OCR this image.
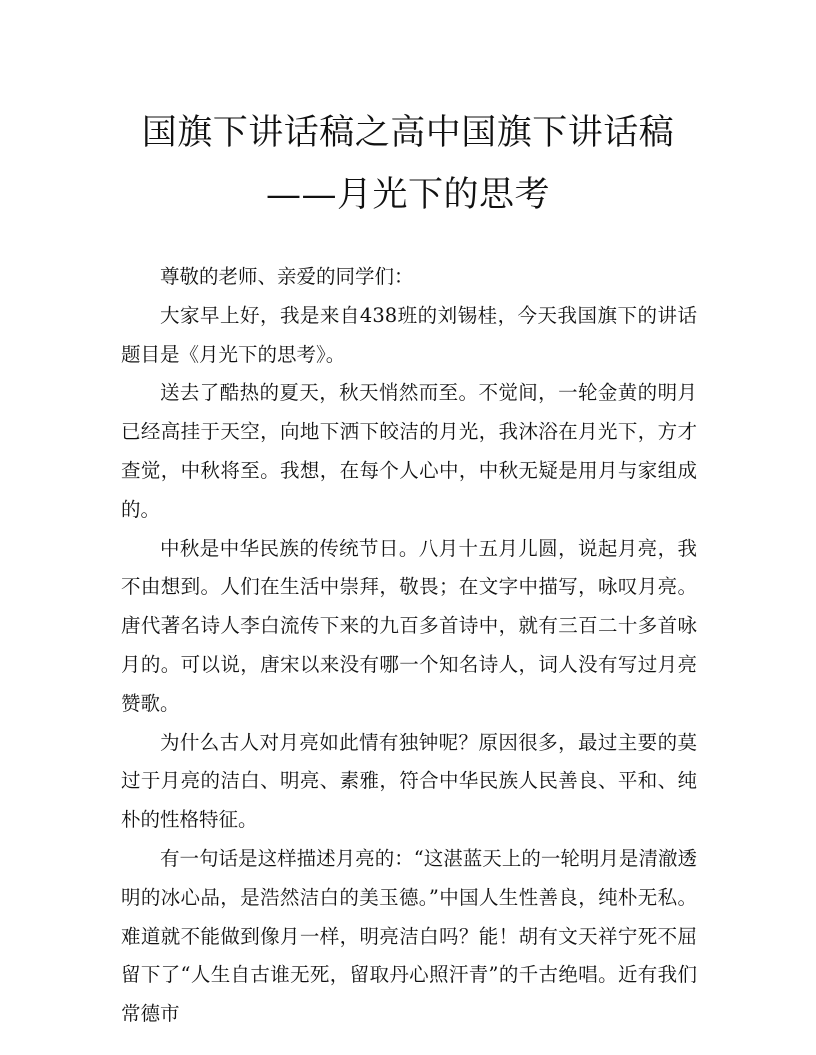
国旗下讲话稿之高中国旗下讲话稿
——月光下的思考

尊敬的老师、亲爱的同学们：

大家早上好，我是来自438班的刘锡桂，今天我国旗下的讲话题目是《月光下的思考》。

送去了酷热的夏天，秋天悄然而至。不觉间，一轮金黄的明月已经高挂于天空，向地下洒下皎洁的月光，我沐浴在月光下，方才查觉，中秋将至。我想，在每个人心中，中秋无疑是用月与家组成的。

中秋是中华民族的传统节日。八月十五月儿圆，说起月亮，我不由想到。人们在生活中崇拜，敬畏；在文字中描写，咏叹月亮。唐代著名诗人李白流传下来的九百多首诗中，就有三百二十多首咏月的。可以说，唐宋以来没有哪一个知名诗人，词人没有写过月亮赞歌。

为什么古人对月亮如此情有独钟呢？原因很多，最过主要的莫过于月亮的洁白、明亮、素雅，符合中华民族人民善良、平和、纯朴的性格特征。

有一句话是这样描述月亮的：“这湛蓝天上的一轮明月是清澈透明的冰心品，是浩然洁白的美玉德。”中国人生性善良，纯朴无私。难道就不能做到像月一样，明亮洁白吗？能！胡有文天祥宁死不屈留下了“人生自古谁无死，留取丹心照汗青”的千古绝唱。近有我们常德市
